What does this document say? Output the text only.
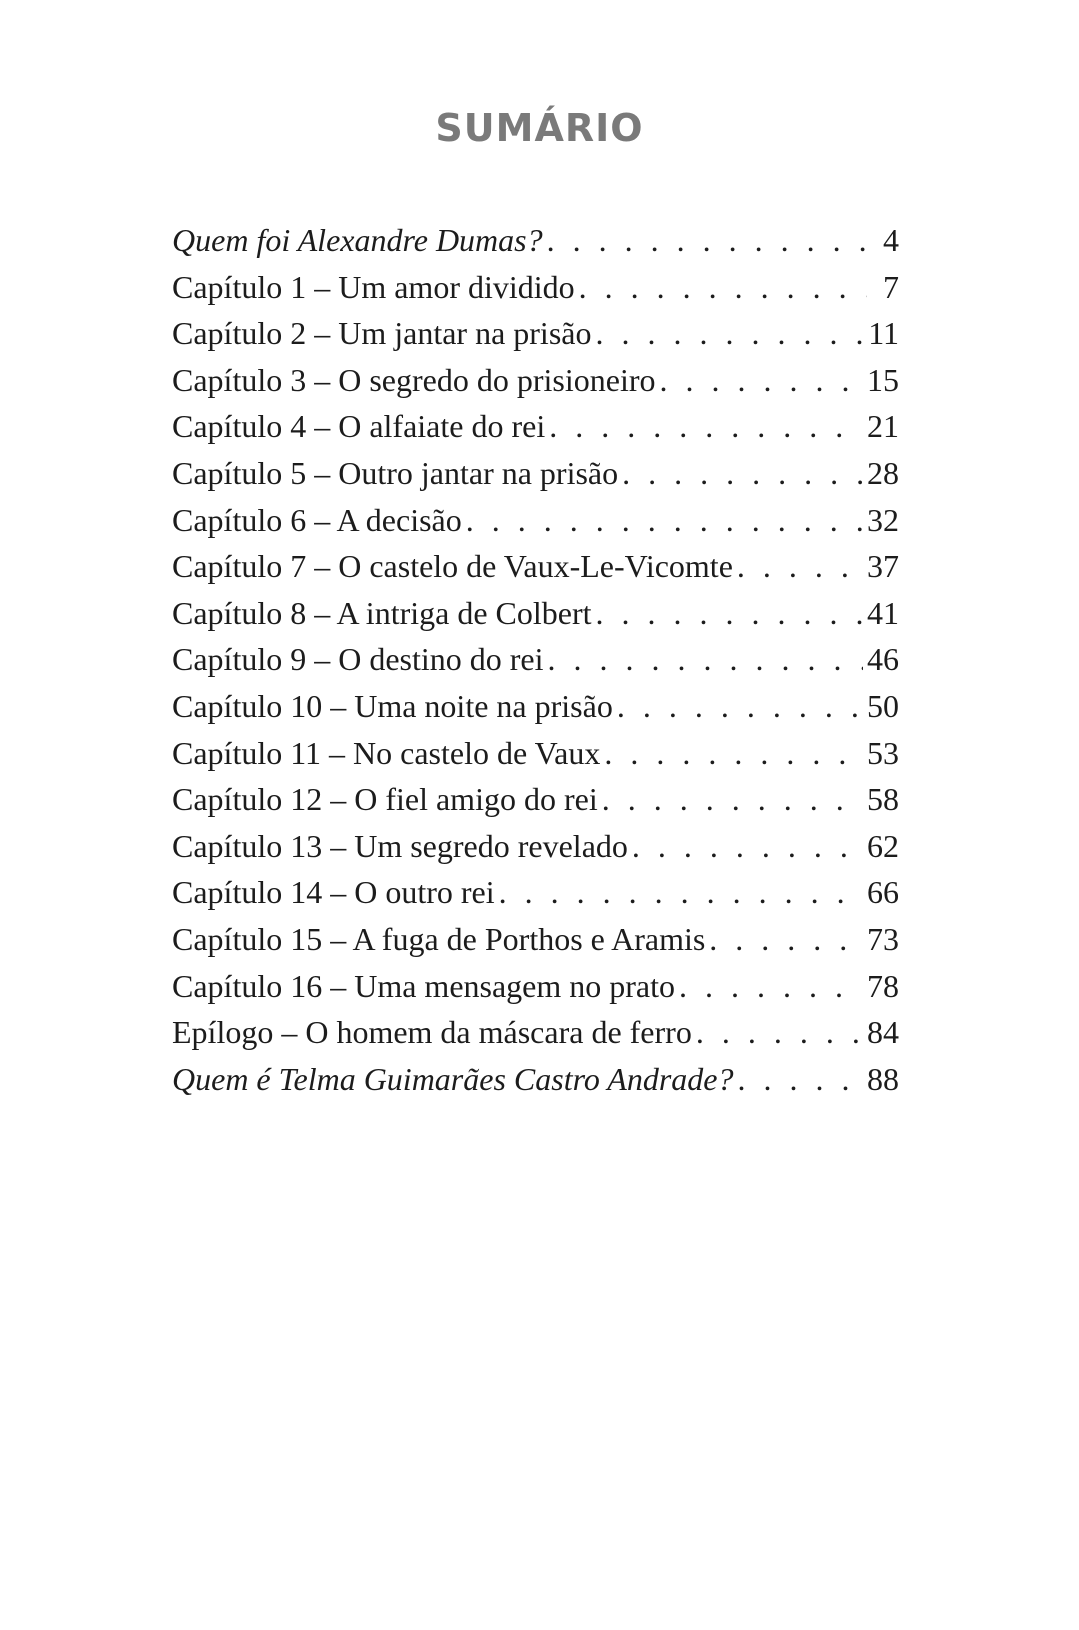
SUMÁRIO
Quem foi Alexandre Dumas? . . .	4
Capítulo 1 – Um amor dividido . . .	7
Capítulo 2 – Um jantar na prisão . . .	11
Capítulo 3 – O segredo do prisioneiro . . .	15
Capítulo 4 – O alfaiate do rei . . .	21
Capítulo 5 – Outro jantar na prisão . . .	28
Capítulo 6 – A decisão . . .	32
Capítulo 7 – O castelo de Vaux-Le-Vicomte . . .	37
Capítulo 8 – A intriga de Colbert . . .	41
Capítulo 9 – O destino do rei . . .	46
Capítulo 10 – Uma noite na prisão . . .	50
Capítulo 11 – No castelo de Vaux . . .	53
Capítulo 12 – O fiel amigo do rei . . .	58
Capítulo 13 – Um segredo revelado . . .	62
Capítulo 14 – O outro rei . . .	66
Capítulo 15 – A fuga de Porthos e Aramis . . .	73
Capítulo 16 – Uma mensagem no prato . . .	78
Epílogo – O homem da máscara de ferro . . .	84
Quem é Telma Guimarães Castro Andrade? . . .	88
